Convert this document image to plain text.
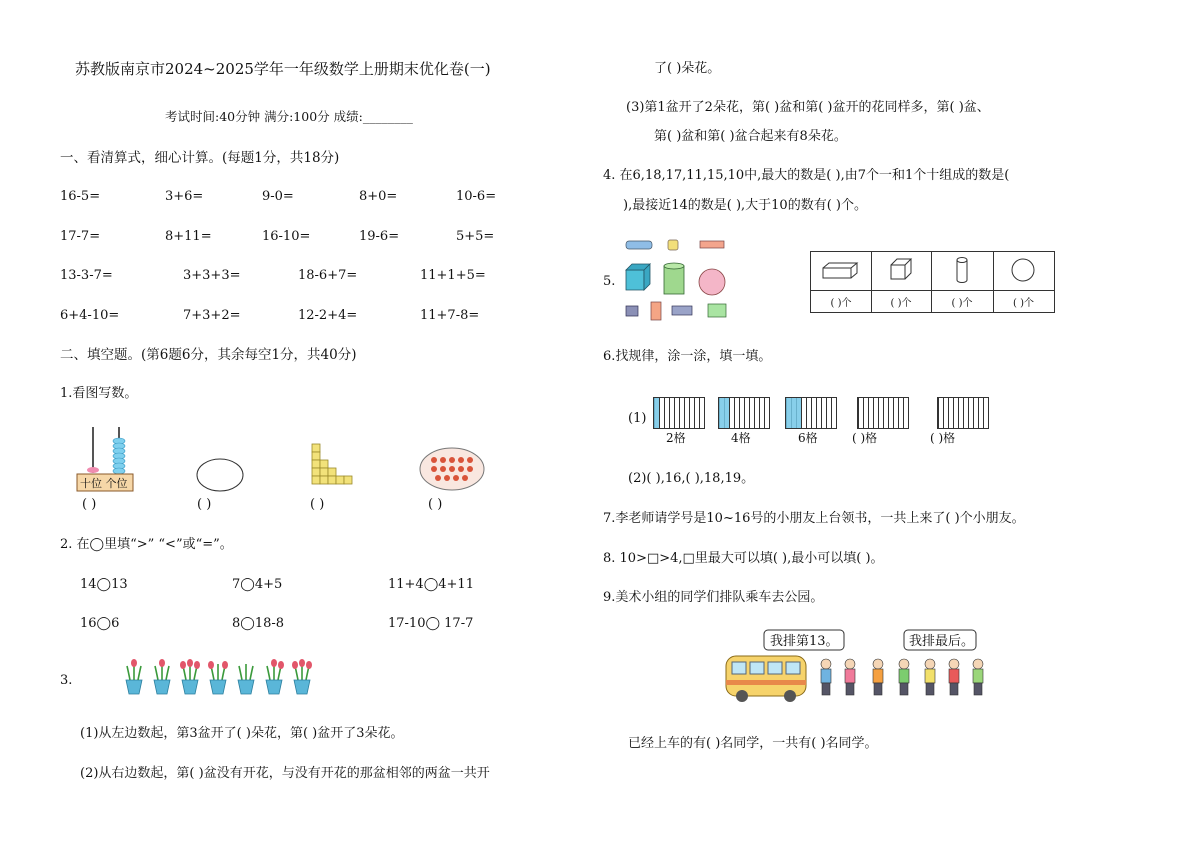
苏教版南京市2024~2025学年一年级数学上册期末优化卷(一)
考试时间:40分钟 满分:100分 成绩:________
一、看清算式，细心计算。(每题1分，共18分)
16-5=	3+6=	9-0=	8+0=	10-6=
17-7=	8+11=	16-10=	19-6=	5+5=
13-3-7=	3+3+3=	18-6+7=	11+1+5=
6+4-10=	7+3+2=	12-2+4=	11+7-8=
二、填空题。(第6题6分，其余每空1分，共40分)
1.看图写数。
十位 个位
( )	( )	( )	( )
2. 在◯里填“>” “<”或“=”。
14◯13	7◯4+5	11+4◯4+11
16◯6	8◯18-8	17-10◯ 17-7
3.
(1)从左边数起，第3盆开了( )朵花，第( )盆开了3朵花。
(2)从右边数起，第( )盆没有开花，与没有开花的那盆相邻的两盆一共开
了( )朵花。
(3)第1盆开了2朵花，第( )盆和第( )盆开的花同样多，第( )盆、
第( )盆和第( )盆合起来有8朵花。
4. 在6,18,17,11,15,10中,最大的数是( ),由7个一和1个十组成的数是(
),最接近14的数是( ),大于10的数有( )个。
5.
( )个	( )个	( )个	( )个
6.找规律，涂一涂，填一填。
(1)
2格	4格	6格	( )格	( )格
(2)( ),16,( ),18,19。
7.李老师请学号是10~16号的小朋友上台领书，一共上来了( )个小朋友。
8. 10>□>4,□里最大可以填( ),最小可以填( )。
9.美术小组的同学们排队乘车去公园。
我排第13。	我排最后。
已经上车的有( )名同学，一共有( )名同学。
